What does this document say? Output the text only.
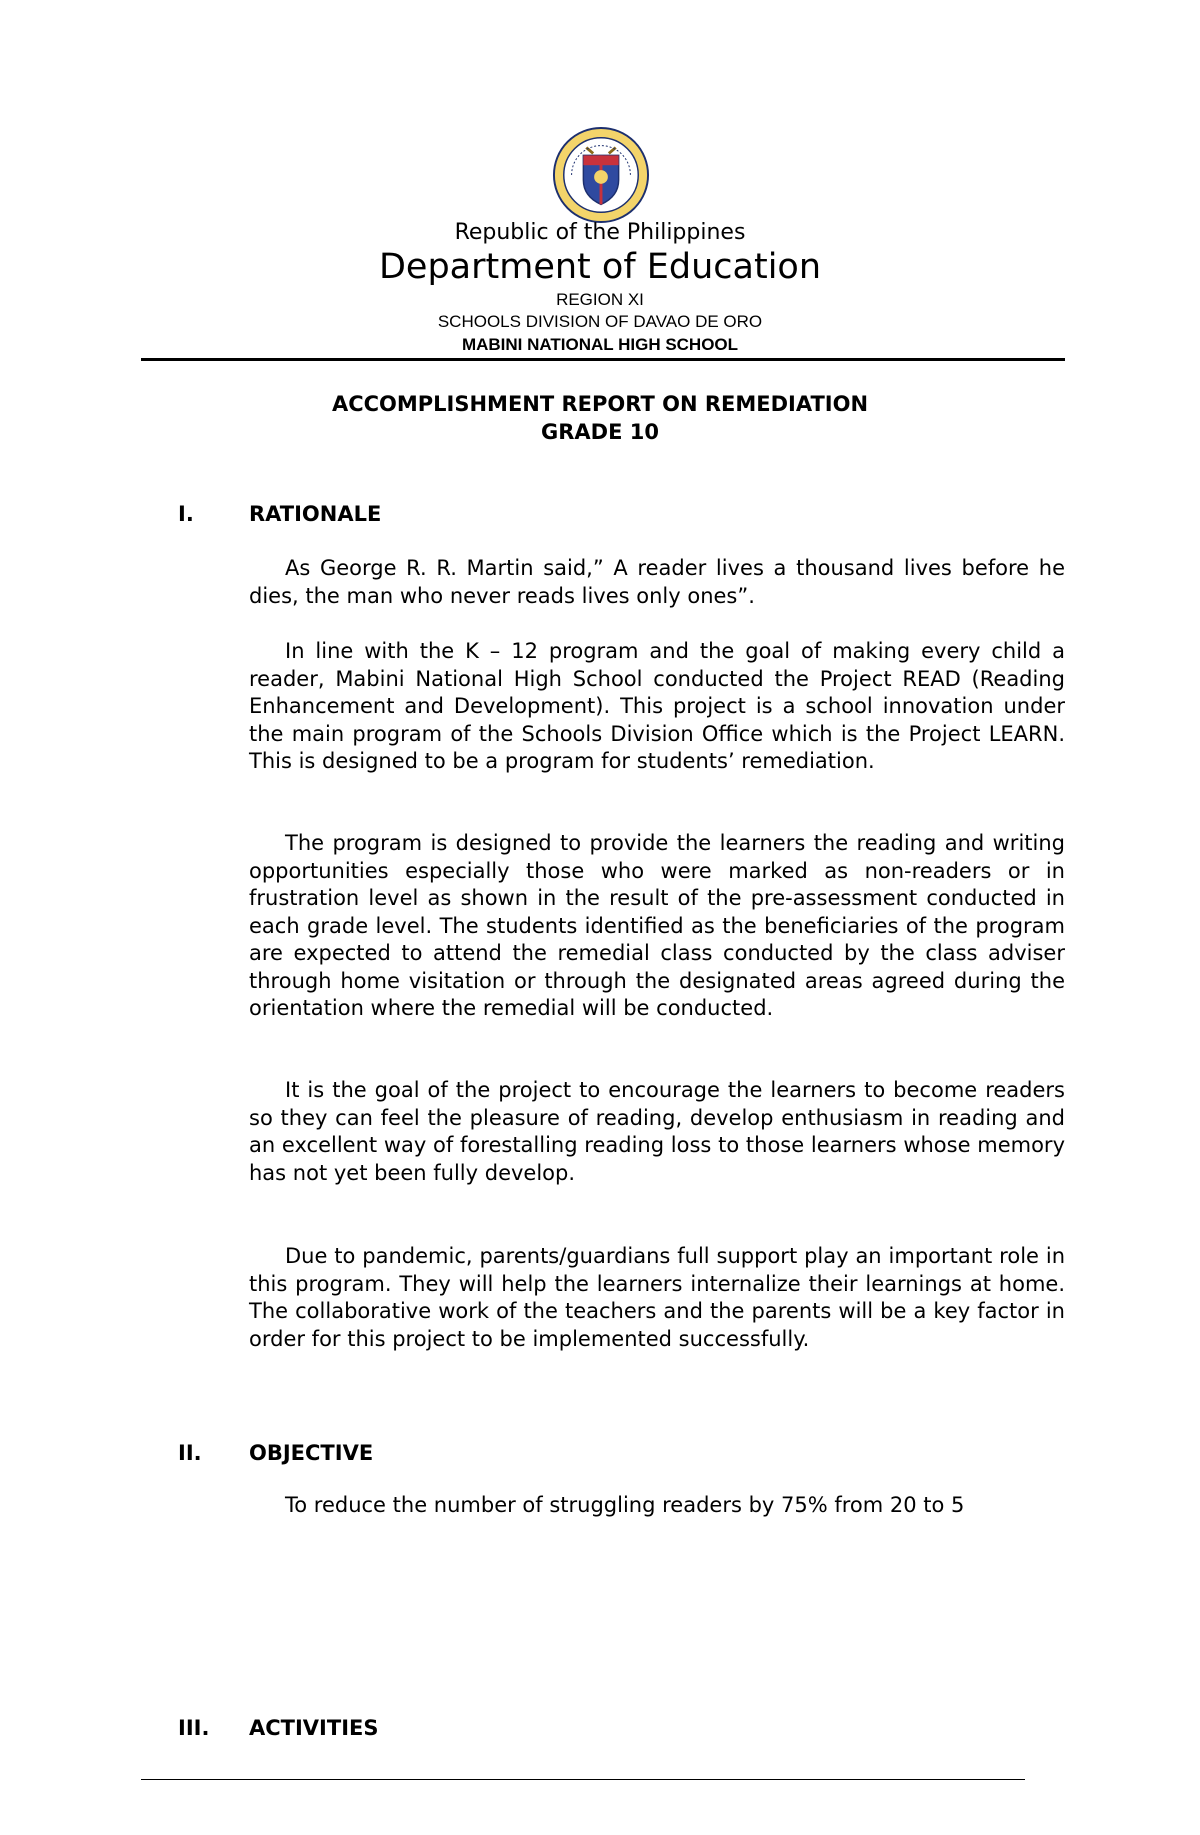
Republic of the Philippines
Department of Education
REGION XI
SCHOOLS DIVISION OF DAVAO DE ORO
MABINI NATIONAL HIGH SCHOOL
ACCOMPLISHMENT REPORT ON REMEDIATION
GRADE 10
I.	RATIONALE

As George R. R. Martin said,” A reader lives a thousand lives before he dies, the man who never reads lives only ones”.

In line with the K – 12 program and the goal of making every child a reader, Mabini National High School conducted the Project READ (Reading Enhancement and Development). This project is a school innovation under the main program of the Schools Division Office which is the Project LEARN. This is designed to be a program for students’ remediation.

The program is designed to provide the learners the reading and writing opportunities especially those who were marked as non-readers or in frustration level as shown in the result of the pre-assessment conducted in each grade level. The students identified as the beneficiaries of the program are expected to attend the remedial class conducted by the class adviser through home visitation or through the designated areas agreed during the orientation where the remedial will be conducted.

It is the goal of the project to encourage the learners to become readers so they can feel the pleasure of reading, develop enthusiasm in reading and an excellent way of forestalling reading loss to those learners whose memory has not yet been fully develop.

Due to pandemic, parents/guardians full support play an important role in this program. They will help the learners internalize their learnings at home. The collaborative work of the teachers and the parents will be a key factor in order for this project to be implemented successfully.

II. OBJECTIVE

To reduce the number of struggling readers by 75% from 20 to 5

III. ACTIVITIES
